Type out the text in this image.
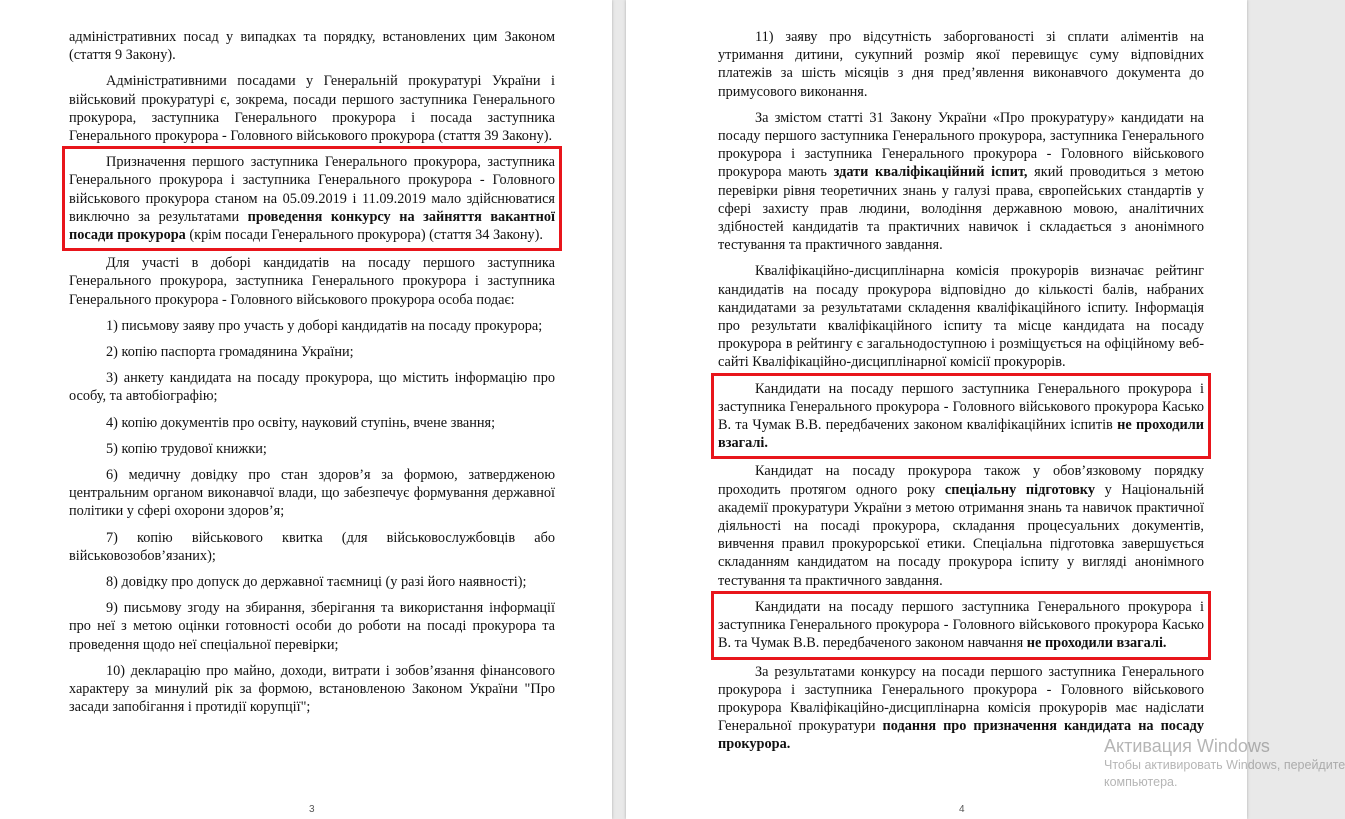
адміністративних посад у випадках та порядку, встановлених цим Законом (стаття 9 Закону).

Адміністративними посадами у Генеральній прокуратурі України і військовий прокуратурі є, зокрема, посади першого заступника Генерального прокурора, заступника Генерального прокурора і посада заступника Генерального прокурора - Головного військового прокурора (стаття 39 Закону).

Призначення першого заступника Генерального прокурора, заступника Генерального прокурора і заступника Генерального прокурора - Головного військового прокурора станом на 05.09.2019 і 11.09.2019 мало здійснюватися виключно за результатами проведення конкурсу на зайняття вакантної посади прокурора (крім посади Генерального прокурора) (стаття 34 Закону).

Для участі в доборі кандидатів на посаду першого заступника Генерального прокурора, заступника Генерального прокурора і заступника Генерального прокурора - Головного військового прокурора особа подає:

1) письмову заяву про участь у доборі кандидатів на посаду прокурора;

2) копію паспорта громадянина України;

3) анкету кандидата на посаду прокурора, що містить інформацію про особу, та автобіографію;

4) копію документів про освіту, науковий ступінь, вчене звання;

5) копію трудової книжки;

6) медичну довідку про стан здоров’я за формою, затвердженою центральним органом виконавчої влади, що забезпечує формування державної політики у сфері охорони здоров’я;

7) копію військового квитка (для військовослужбовців або військовозобов’язаних);

8) довідку про допуск до державної таємниці (у разі його наявності);

9) письмову згоду на збирання, зберігання та використання інформації про неї з метою оцінки готовності особи до роботи на посаді прокурора та проведення щодо неї спеціальної перевірки;

10) декларацію про майно, доходи, витрати і зобов’язання фінансового характеру за минулий рік за формою, встановленою Законом України "Про засади запобігання і протидії корупції";

3

11) заяву про відсутність заборгованості зі сплати аліментів на утримання дитини, сукупний розмір якої перевищує суму відповідних платежів за шість місяців з дня пред’явлення виконавчого документа до примусового виконання.

За змістом статті 31 Закону України «Про прокуратуру» кандидати на посаду першого заступника Генерального прокурора, заступника Генерального прокурора і заступника Генерального прокурора - Головного військового прокурора мають здати кваліфікаційний іспит, який проводиться з метою перевірки рівня теоретичних знань у галузі права, європейських стандартів у сфері захисту прав людини, володіння державною мовою, аналітичних здібностей кандидатів та практичних навичок і складається з анонімного тестування та практичного завдання.

Кваліфікаційно-дисциплінарна комісія прокурорів визначає рейтинг кандидатів на посаду прокурора відповідно до кількості балів, набраних кандидатами за результатами складення кваліфікаційного іспиту. Інформація про результати кваліфікаційного іспиту та місце кандидата на посаду прокурора в рейтингу є загальнодоступною і розміщується на офіційному веб-сайті Кваліфікаційно-дисциплінарної комісії прокурорів.

Кандидати на посаду першого заступника Генерального прокурора і заступника Генерального прокурора - Головного військового прокурора Касько В. та Чумак В.В. передбачених законом кваліфікаційних іспитів не проходили взагалі.

Кандидат на посаду прокурора також у обов’язковому порядку проходить протягом одного року спеціальну підготовку у Національній академії прокуратури України з метою отримання знань та навичок практичної діяльності на посаді прокурора, складання процесуальних документів, вивчення правил прокурорської етики. Спеціальна підготовка завершується складанням кандидатом на посаду прокурора іспиту у вигляді анонімного тестування та практичного завдання.

Кандидати на посаду першого заступника Генерального прокурора і заступника Генерального прокурора - Головного військового прокурора Касько В. та Чумак В.В. передбаченого законом навчання не проходили взагалі.

За результатами конкурсу на посади першого заступника Генерального прокурора і заступника Генерального прокурора - Головного військового прокурора Кваліфікаційно-дисциплінарна комісія прокурорів має надіслати Генеральної прокуратури подання про призначення кандидата на посаду прокурора.

4
Активация Windows
Чтобы активировать Windows, перейдите
компьютера.
